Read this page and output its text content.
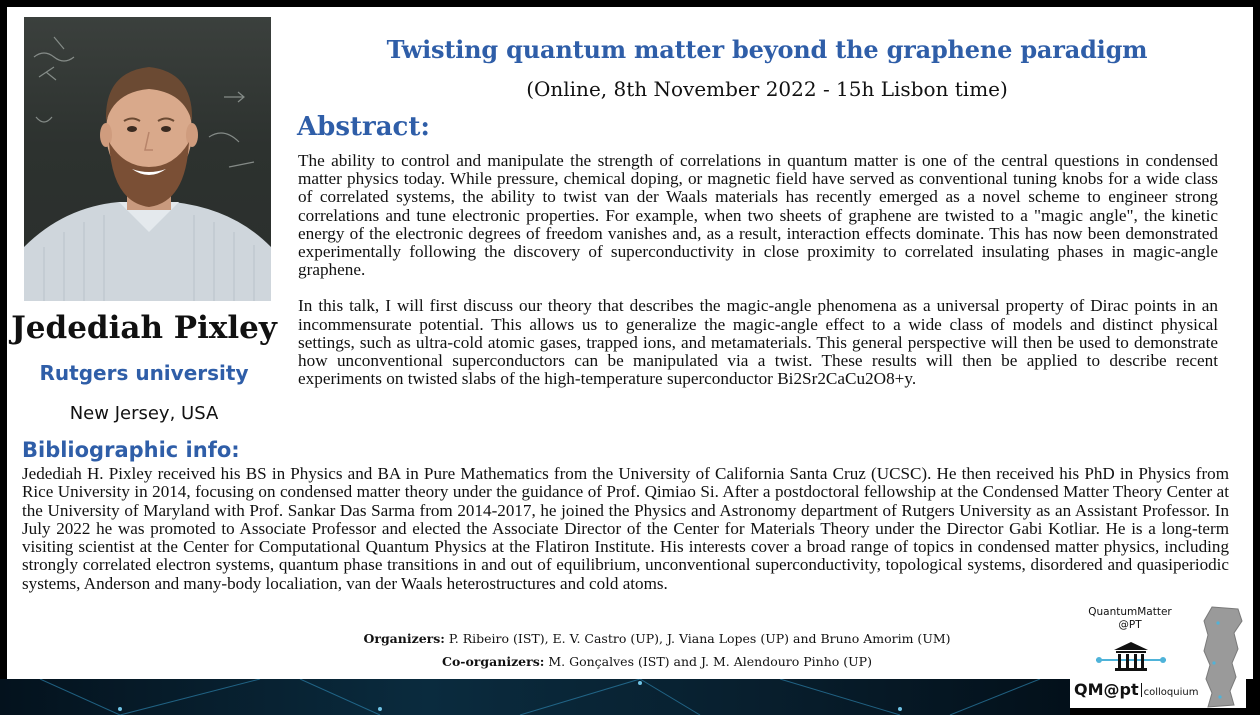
Jedediah Pixley
Rutgers university
New Jersey, USA
Twisting quantum matter beyond the graphene paradigm
(Online, 8th November 2022 - 15h Lisbon time)
Abstract:

The ability to control and manipulate the strength of correlations in quantum matter is one of the central questions in condensed matter physics today. While pressure, chemical doping, or magnetic field have served as conventional tuning knobs for a wide class of correlated systems, the ability to twist van der Waals materials has recently emerged as a novel scheme to engineer strong correlations and tune electronic properties. For example, when two sheets of graphene are twisted to a "magic angle", the kinetic energy of the electronic degrees of freedom vanishes and, as a result, interaction effects dominate. This has now been demonstrated experimentally following the discovery of superconductivity in close proximity to correlated insulating phases in magic-angle graphene.

In this talk, I will first discuss our theory that describes the magic-angle phenomena as a universal property of Dirac points in an incommensurate potential. This allows us to generalize the magic-angle effect to a wide class of models and distinct physical settings, such as ultra-cold atomic gases, trapped ions, and metamaterials. This general perspective will then be used to demonstrate how unconventional superconductors can be manipulated via a twist. These results will then be applied to describe recent experiments on twisted slabs of the high-temperature superconductor Bi2Sr2CaCu2O8+y.

Bibliographic info:
Jedediah H. Pixley received his BS in Physics and BA in Pure Mathematics from the University of California Santa Cruz (UCSC). He then received his PhD in Physics from Rice University in 2014, focusing on condensed matter theory under the guidance of Prof. Qimiao Si. After a postdoctoral fellowship at the Condensed Matter Theory Center at the University of Maryland with Prof. Sankar Das Sarma from 2014-2017, he joined the Physics and Astronomy department of Rutgers University as an Assistant Professor. In July 2022 he was promoted to Associate Professor and elected the Associate Director of the Center for Materials Theory under the Director Gabi Kotliar. He is a long-term visiting scientist at the Center for Computational Quantum Physics at the Flatiron Institute. His interests cover a broad range of topics in condensed matter physics, including strongly correlated electron systems, quantum phase transitions in and out of equilibrium, unconventional superconductivity, topological systems, disordered and quasiperiodic systems, Anderson and many-body localiation, van der Waals heterostructures and cold atoms.
Organizers: P. Ribeiro (IST), E. V. Castro (UP), J. Viana Lopes (UP) and Bruno Amorim (UM)
Co-organizers: M. Gonçalves (IST) and J. M. Alendouro Pinho (UP)
QuantumMatter
@PT
QM@pt colloquium
